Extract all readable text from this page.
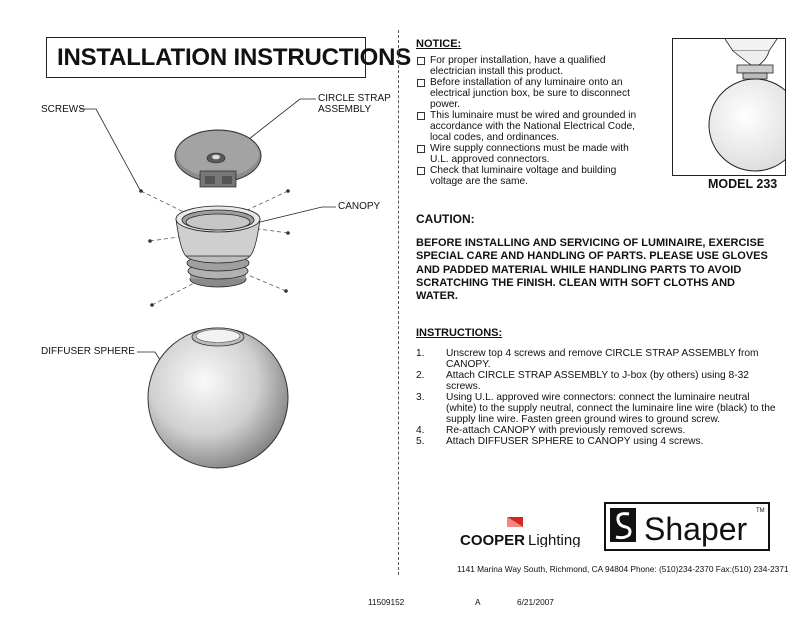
INSTALLATION INSTRUCTIONS
SCREWS
CIRCLE STRAP
ASSEMBLY
CANOPY
DIFFUSER SPHERE
NOTICE:
For proper installation, have a qualified electrician install this product.
Before installation of any luminaire onto an electrical junction box, be sure to disconnect power.
This luminaire must be wired and grounded in accordance with the National Electrical Code, local codes, and ordinances.
Wire supply connections must be made with U.L. approved connectors.
Check that luminaire voltage and building voltage are the same.	MODEL 233
CAUTION:
BEFORE INSTALLING AND SERVICING OF LUMINAIRE, EXERCISE SPECIAL CARE AND HANDLING OF PARTS. PLEASE USE GLOVES AND PADDED MATERIAL WHILE HANDLING PARTS TO AVOID SCRATCHING THE FINISH. CLEAN WITH SOFT CLOTHS AND WATER.
INSTRUCTIONS:
1. Unscrew top 4 screws and remove CIRCLE STRAP ASSEMBLY from CANOPY.
2. Attach CIRCLE STRAP ASSEMBLY to J-box (by others) using 8-32 screws.
3. Using U.L. approved wire connectors: connect the luminaire neutral (white) to the supply neutral, connect the luminaire line wire (black) to the supply line wire. Fasten green ground wires to ground screw.
4. Re-attach CANOPY with previously removed screws.
5. Attach DIFFUSER SPHERE to CANOPY using 4 screws.
COOPER Lighting Shaper TM
1141 Marina Way South, Richmond, CA 94804 Phone: (510)234-2370 Fax:(510) 234-2371
11509152	A	6/21/2007
